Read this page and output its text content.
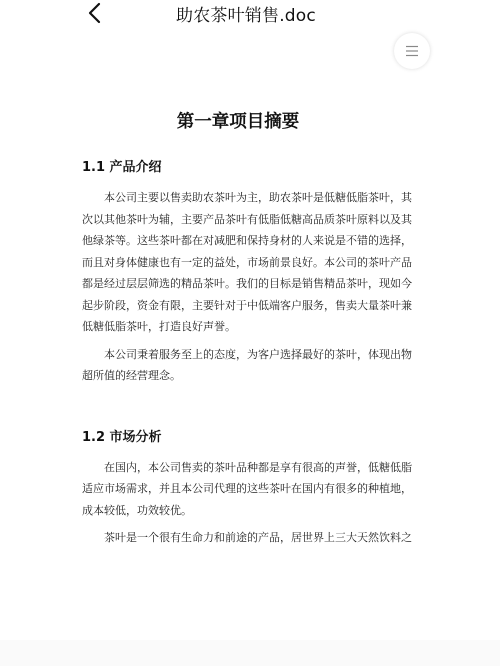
助农茶叶销售.doc
第一章项目摘要
1.1 产品介绍

本公司主要以售卖助农茶叶为主，助农茶叶是低糖低脂茶叶，其次以其他茶叶为辅，主要产品茶叶有低脂低糖高品质茶叶原料以及其他绿茶等。这些茶叶都在对减肥和保持身材的人来说是不错的选择，而且对身体健康也有一定的益处，市场前景良好。本公司的茶叶产品都是经过层层筛选的精品茶叶。我们的目标是销售精品茶叶，现如今起步阶段，资金有限，主要针对于中低端客户服务，售卖大量茶叶兼低糖低脂茶叶，打造良好声誉。

本公司秉着服务至上的态度，为客户选择最好的茶叶，体现出物超所值的经营理念。

1.2 市场分析

在国内，本公司售卖的茶叶品种都是享有很高的声誉，低糖低脂适应市场需求，并且本公司代理的这些茶叶在国内有很多的种植地，成本较低，功效较优。

茶叶是一个很有生命力和前途的产品，居世界上三大天然饮料之
